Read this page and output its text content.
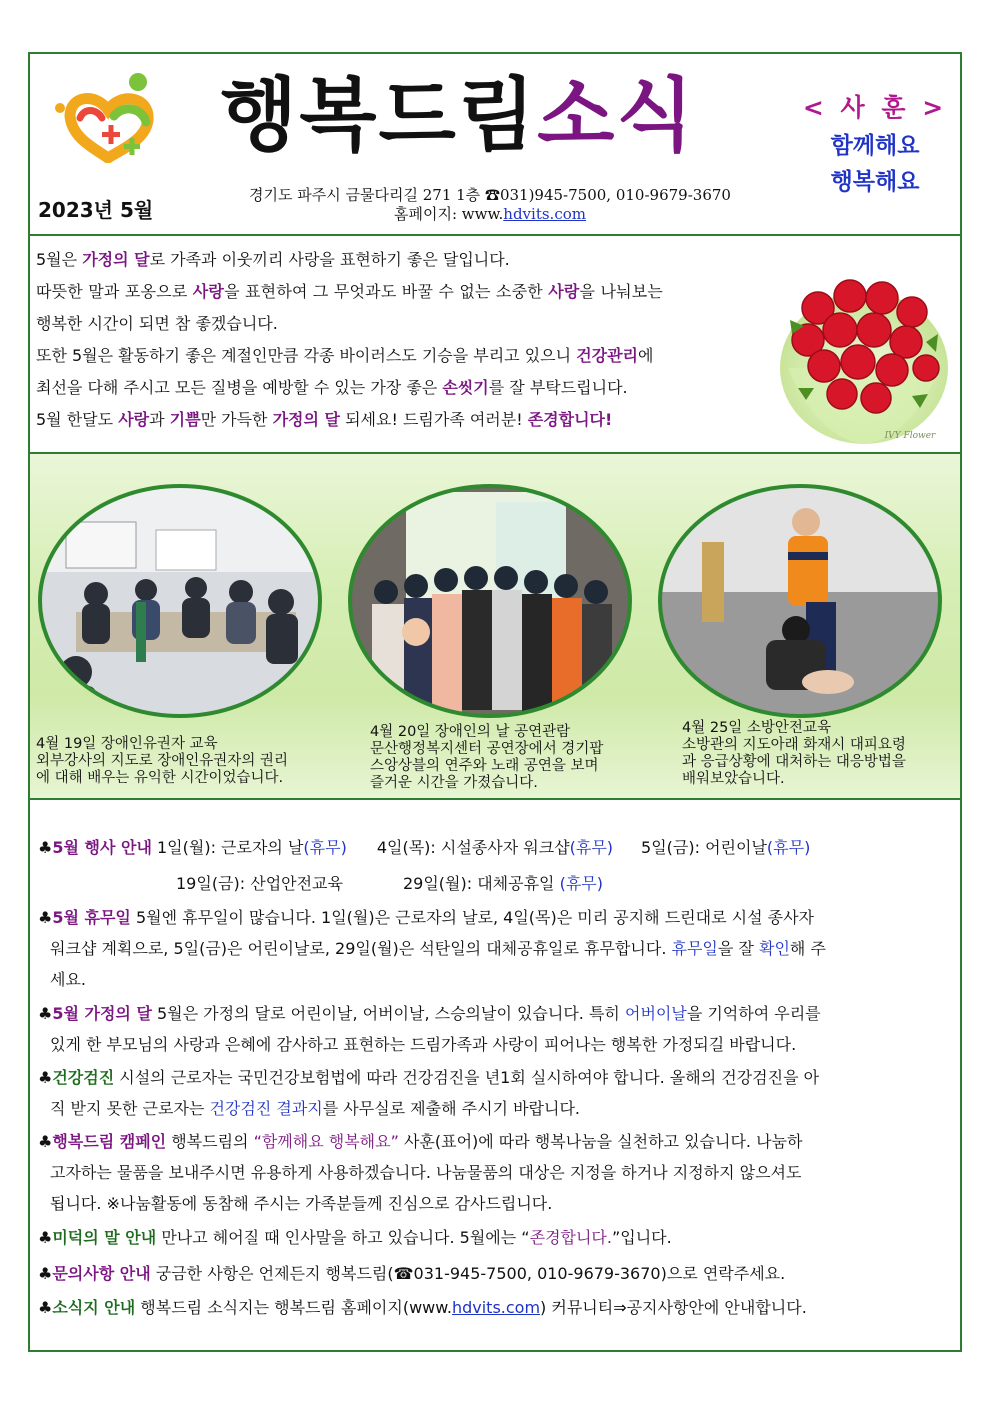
행복드림소식	< 사 훈 >
함께해요
행복해요
2023년 5월
경기도 파주시 금물다리길 271 1층 ☎031)945-7500, 010-9679-3670
홈페이지: www.hdvits.com

5월은 가정의 달로 가족과 이웃끼리 사랑을 표현하기 좋은 달입니다.

따뜻한 말과 포옹으로 사랑을 표현하여 그 무엇과도 바꿀 수 없는 소중한 사랑을 나눠보는

행복한 시간이 되면 참 좋겠습니다.

또한 5월은 활동하기 좋은 계절인만큼 각종 바이러스도 기승을 부리고 있으니 건강관리에

최선을 다해 주시고 모든 질병을 예방할 수 있는 가장 좋은 손씻기를 잘 부탁드립니다.

5월 한달도 사랑과 기쁨만 가득한 가정의 달 되세요! 드림가족 여러분! 존경합니다!

IVY Flower
4월 19일 장애인유권자 교육
외부강사의 지도로 장애인유권자의 권리
에 대해 배우는 유익한 시간이었습니다.
4월 20일 장애인의 날 공연관람
문산행정복지센터 공연장에서 경기팝
스앙상블의 연주와 노래 공연을 보며
즐거운 시간을 가졌습니다.
4월 25일 소방안전교육
소방관의 지도아래 화재시 대피요령
과 응급상황에 대처하는 대응방법을
배워보았습니다.
♣5월 행사 안내 1일(월): 근로자의 날(휴무) 4일(목): 시설종사자 워크샵(휴무) 5일(금): 어린이날(휴무)
19일(금): 산업안전교육	29일(월): 대체공휴일 (휴무)
♣5월 휴무일 5월엔 휴무일이 많습니다. 1일(월)은 근로자의 날로, 4일(목)은 미리 공지해 드린대로 시설 종사자
워크샵 계획으로, 5일(금)은 어린이날로, 29일(월)은 석탄일의 대체공휴일로 휴무합니다. 휴무일을 잘 확인해 주
세요.
♣5월 가정의 달 5월은 가정의 달로 어린이날, 어버이날, 스승의날이 있습니다. 특히 어버이날을 기억하여 우리를
있게 한 부모님의 사랑과 은혜에 감사하고 표현하는 드림가족과 사랑이 피어나는 행복한 가정되길 바랍니다.
♣건강검진 시설의 근로자는 국민건강보험법에 따라 건강검진을 년1회 실시하여야 합니다. 올해의 건강검진을 아
직 받지 못한 근로자는 건강검진 결과지를 사무실로 제출해 주시기 바랍니다.
♣행복드림 캠페인 행복드림의 “함께해요 행복해요” 사훈(표어)에 따라 행복나눔을 실천하고 있습니다. 나눔하
고자하는 물품을 보내주시면 유용하게 사용하겠습니다. 나눔물품의 대상은 지정을 하거나 지정하지 않으셔도
됩니다. ※나눔활동에 동참해 주시는 가족분들께 진심으로 감사드립니다.
♣미덕의 말 안내 만나고 헤어질 때 인사말을 하고 있습니다. 5월에는 “존경합니다.”입니다.
♣문의사항 안내 궁금한 사항은 언제든지 행복드림(☎031-945-7500, 010-9679-3670)으로 연락주세요.
♣소식지 안내 행복드림 소식지는 행복드림 홈페이지(www.hdvits.com) 커뮤니티⇒공지사항안에 안내합니다.
